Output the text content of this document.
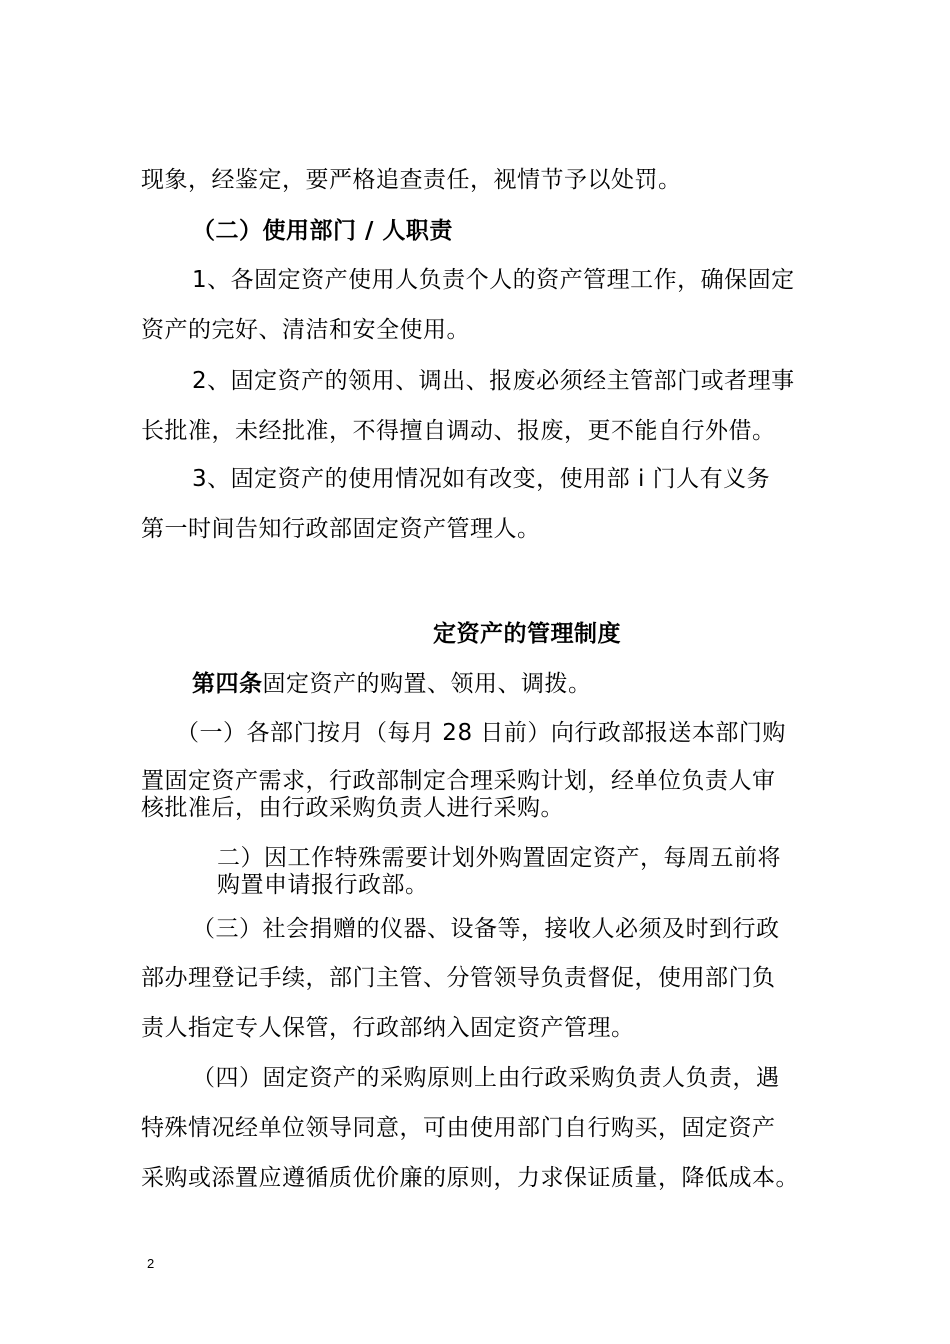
现象，经鉴定，要严格追查责任，视情节予以处罚。
（二）使用部门 / 人职责
1、各固定资产使用人负责个人的资产管理工作，确保固定
资产的完好、清洁和安全使用。
2、固定资产的领用、调出、报废必须经主管部门或者理事
长批准，未经批准，不得擅自调动、报废，更不能自行外借。
3、固定资产的使用情况如有改变，使用部 i 门人有义务
第一时间告知行政部固定资产管理人。
定资产的管理制度
第四条固定资产的购置、领用、调拨。
（一）各部门按月（每月 28 日前）向行政部报送本部门购
置固定资产需求，行政部制定合理采购计划，经单位负责人审
核批准后，由行政采购负责人进行采购。
二）因工作特殊需要计划外购置固定资产，每周五前将
购置申请报行政部。
（三）社会捐赠的仪器、设备等，接收人必须及时到行政
部办理登记手续，部门主管、分管领导负责督促，使用部门负
责人指定专人保管，行政部纳入固定资产管理。
（四）固定资产的采购原则上由行政采购负责人负责，遇
特殊情况经单位领导同意，可由使用部门自行购买，固定资产
采购或添置应遵循质优价廉的原则，力求保证质量，降低成本。
2
